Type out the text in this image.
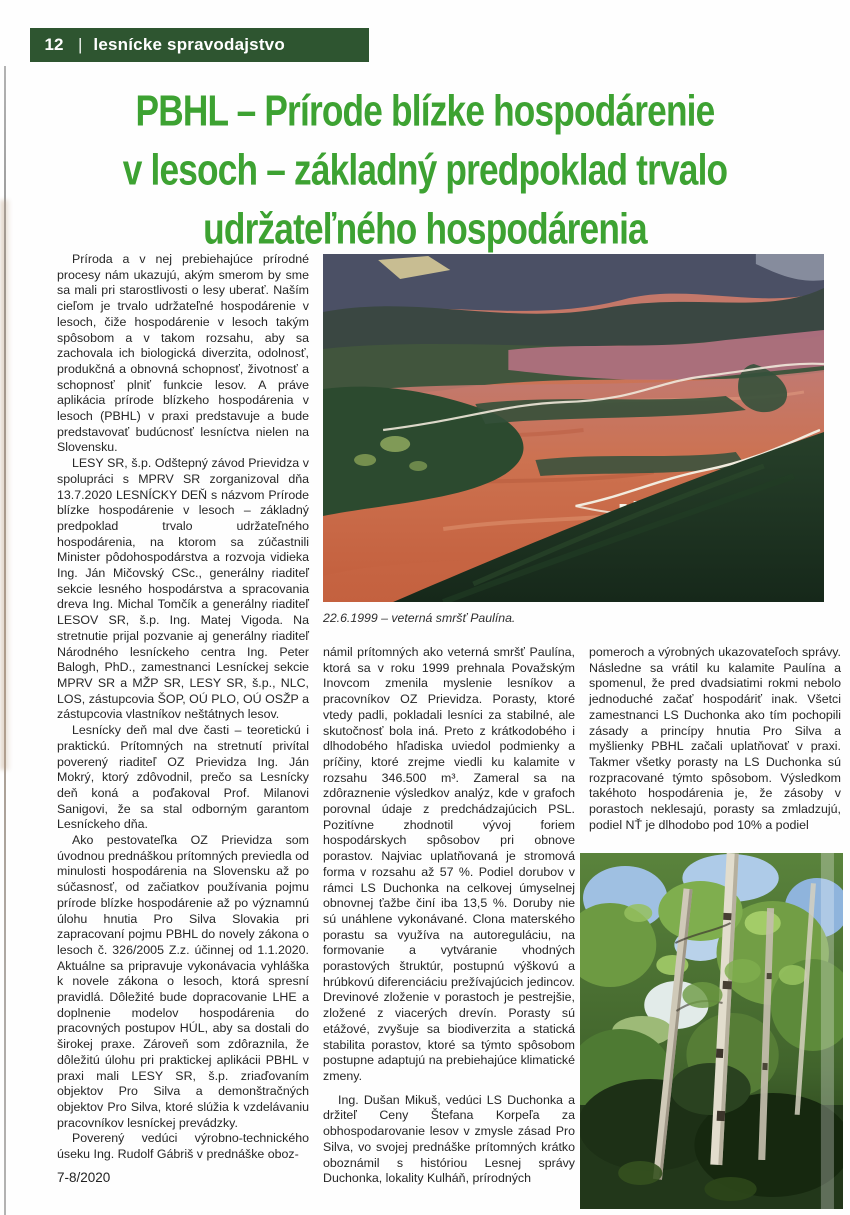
12 | lesnícke spravodajstvo
PBHL – Prírode blízke hospodárenie
v lesoch – základný predpoklad trvalo
udržateľného hospodárenia

Príroda a v nej prebiehajúce prírodné procesy nám ukazujú, akým smerom by sme sa mali pri starostlivosti o lesy uberať. Naším cieľom je trvalo udržateľné hospodárenie v lesoch, čiže hospodárenie v lesoch takým spôsobom a v takom rozsahu, aby sa zachovala ich biologická diverzita, odolnosť, produkčná a obnovná schopnosť, životnosť a schopnosť plniť funkcie lesov. A práve aplikácia prírode blízkeho hospodárenia v lesoch (PBHL) v praxi predstavuje a bude predstavovať budúcnosť lesníctva nielen na Slovensku.

LESY SR, š.p. Odštepný závod Prievidza v spolupráci s MPRV SR zorganizoval dňa 13.7.2020 LESNÍCKY DEŇ s názvom Prírode blízke hospodárenie v lesoch – základný predpoklad trvalo udržateľného hospodárenia, na ktorom sa zúčastnili Minister pôdohospodárstva a rozvoja vidieka Ing. Ján Mičovský CSc., generálny riaditeľ sekcie lesného hospodárstva a spracovania dreva Ing. Michal Tomčík a generálny riaditeľ LESOV SR, š.p. Ing. Matej Vigoda. Na stretnutie prijal pozvanie aj generálny riaditeľ Národného lesníckeho centra Ing. Peter Balogh, PhD., zamestnanci Lesníckej sekcie MPRV SR a MŽP SR, LESY SR, š.p., NLC, LOS, zástupcovia ŠOP, OÚ PLO, OÚ OSŽP a zástupcovia vlastníkov neštátnych lesov.

Lesnícky deň mal dve časti – teoretickú i praktickú. Prítomných na stretnutí privítal poverený riaditeľ OZ Prievidza Ing. Ján Mokrý, ktorý zdôvodnil, prečo sa Lesnícky deň koná a poďakoval Prof. Milanovi Sanigovi, že sa stal odborným garantom Lesníckeho dňa.

Ako pestovateľka OZ Prievidza som úvodnou prednáškou prítomných previedla od minulosti hospodárenia na Slovensku až po súčasnosť, od začiatkov používania pojmu prírode blízke hospodárenie až po významnú úlohu hnutia Pro Silva Slovakia pri zapracovaní pojmu PBHL do novely zákona o lesoch č. 326/2005 Z.z. účinnej od 1.1.2020. Aktuálne sa pripravuje vykonávacia vyhláška k novele zákona o lesoch, ktorá spresní pravidlá. Dôležité bude dopracovanie LHE a doplnenie modelov hospodárenia do pracovných postupov HÚL, aby sa dostali do širokej praxe. Zároveň som zdôraznila, že dôležitú úlohu pri praktickej aplikácii PBHL v praxi mali LESY SR, š.p. zriaďovaním objektov Pro Silva a demonštračných objektov Pro Silva, ktoré slúžia k vzdelávaniu pracovníkov lesníckej prevádzky.

Poverený vedúci výrobno-technického úseku Ing. Rudolf Gábriš v prednáške oboz-

22.6.1999 – veterná smršť Paulína.

námil prítomných ako veterná smršť Paulína, ktorá sa v roku 1999 prehnala Považským Inovcom zmenila myslenie lesníkov a pracovníkov OZ Prievidza. Porasty, ktoré vtedy padli, pokladali lesníci za stabilné, ale skutočnosť bola iná. Preto z krátkodobého i dlhodobého hľadiska uviedol podmienky a príčiny, ktoré zrejme viedli ku kalamite v rozsahu 346.500 m³. Zameral sa na zdôraznenie výsledkov analýz, kde v grafoch porovnal údaje z predchádzajúcich PSL. Pozitívne zhodnotil vývoj foriem hospodárskych spôsobov pri obnove porastov. Najviac uplatňovaná je stromová forma v rozsahu až 57 %. Podiel dorubov v rámci LS Duchonka na celkovej úmyselnej obnovnej ťažbe činí iba 13,5 %. Doruby nie sú unáhlene vykonávané. Clona materského porastu sa využíva na autoreguláciu, na formovanie a vytváranie vhodných porastových štruktúr, postupnú výškovú a hrúbkovú diferenciáciu prežívajúcich jedincov. Drevinové zloženie v porastoch je pestrejšie, zložené z viacerých drevín. Porasty sú etážové, zvyšuje sa biodiverzita a statická stabilita porastov, ktoré sa týmto spôsobom postupne adaptujú na prebiehajúce klimatické zmeny.

Ing. Dušan Mikuš, vedúci LS Duchonka a držiteľ Ceny Štefana Korpeľa za obhospodarovanie lesov v zmysle zásad Pro Silva, vo svojej prednáške prítomných krátko oboznámil s históriou Lesnej správy Duchonka, lokality Kulháň, prírodných

pomeroch a výrobných ukazovateľoch správy. Následne sa vrátil ku kalamite Paulína a spomenul, že pred dvadsiatimi rokmi nebolo jednoduché začať hospodáriť inak. Všetci zamestnanci LS Duchonka ako tím pochopili zásady a princípy hnutia Pro Silva a myšlienky PBHL začali uplatňovať v praxi. Takmer všetky porasty na LS Duchonka sú rozpracované týmto spôsobom. Výsledkom takéhoto hospodárenia je, že zásoby v porastoch neklesajú, porasty sa zmladzujú, podiel NŤ je dlhodobo pod 10% a podiel

7-8/2020
